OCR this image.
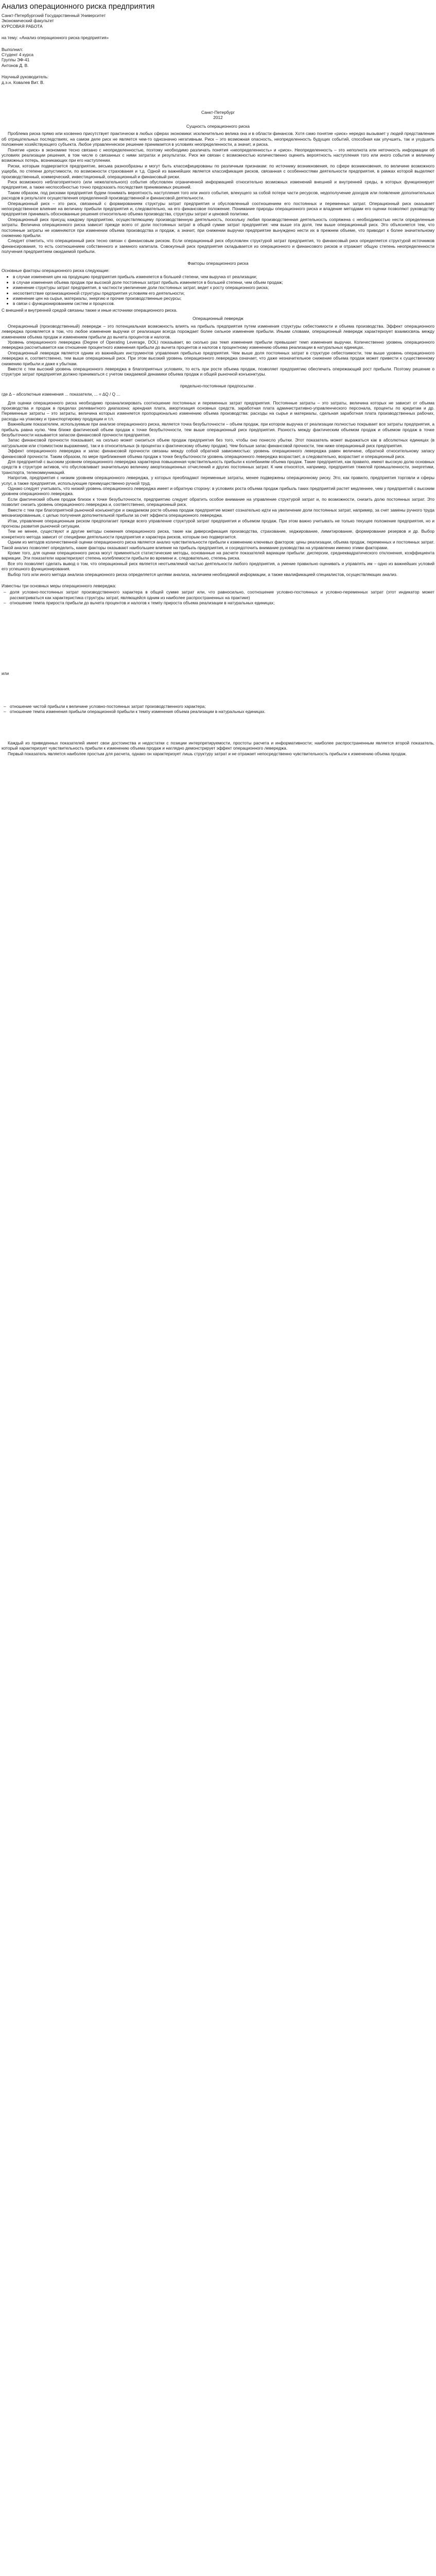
Анализ операционного риска предприятия

Санкт-Петербургский Государственный Университет

Экономический факультет

КУРСОВАЯ РАБОТА

на тему: «Анализ операционного риска предприятия»

Выполнил:

Студент 4 курса

Группы ЭФ-41

Антонов Д. В.

Научный руководитель:

д.э.н. Ковалев Вит. В.

Санкт-Петербург

2012

Сущность операционного риска

Проблема риска прямо или косвенно присутствует практически в любых сферах экономики: исключительно велика она и в области финансов. Хотя само понятие «риск» нередко вызывает у людей представление об отрицательных последствиях, на самом деле риск не является чем-то однозначно негативным. Риск – это возможная опасность, неопределенность будущих событий, способная как улучшить, так и ухудшить положение хозяйствующего субъекта. Любое управленческое решение принимается в условиях неопределенности, а значит, и риска.

Понятие «риск» в экономике тесно связано с неопределенностью, поэтому необходимо различать понятия «неопределенность» и «риск». Неопределенность – это неполнота или неточность информации об условиях реализации решения, в том числе о связанных с ними затратах и результатах. Риск же связан с возможностью количественно оценить вероятность наступления того или иного события и величину возможных потерь, возникающих при его наступлении.

Риски, которым подвергается предприятие, весьма разнообразны и могут быть классифицированы по различным признакам: по источнику возникновения, по сфере возникновения, по величине возможного ущерба, по степени допустимости, по возможности страхования и т.д. Одной из важнейших является классификация рисков, связанная с особенностями деятельности предприятия, в рамках которой выделяют производственный, коммерческий, инвестиционный, операционный и финансовый риски.

Риск возможного неблагоприятного (или нежелательного) события обусловлен ограниченной информацией относительно возможных изменений внешней и внутренней среды, в которых функционирует предприятие, а также неспособностью точно предсказать последствия принимаемых решений.

Таким образом, под рисками предприятия будем понимать вероятность наступления того или иного события, влекущего за собой потери части ресурсов, недополучение доходов или появление дополнительных расходов в результате осуществления определенной производственной и финансовой деятельности.

Операционный риск – это риск, связанный с формированием структуры затрат предприятия и обусловленный соотношением его постоянных и переменных затрат. Операционный риск оказывает непосредственное влияние на величину прибыли предприятия и, следовательно, на его финансовое положение. Понимание природы операционного риска и владение методами его оценки позволяют руководству предприятия принимать обоснованные решения относительно объема производства, структуры затрат и ценовой политики.

Операционный риск присущ каждому предприятию, осуществляющему производственную деятельность, поскольку любая производственная деятельность сопряжена с необходимостью нести определенные затраты. Величина операционного риска зависит прежде всего от доли постоянных затрат в общей сумме затрат предприятия: чем выше эта доля, тем выше операционный риск. Это объясняется тем, что постоянные затраты не изменяются при изменении объема производства и продаж, а значит, при снижении выручки предприятие вынуждено нести их в прежнем объеме, что приводит к более значительному снижению прибыли.

Следует отметить, что операционный риск тесно связан с финансовым риском. Если операционный риск обусловлен структурой затрат предприятия, то финансовый риск определяется структурой источников финансирования, то есть соотношением собственного и заемного капитала. Совокупный риск предприятия складывается из операционного и финансового рисков и отражает общую степень неопределенности получения предприятием ожидаемой прибыли.

Факторы операционного риска

Основные факторы операционного риска следующие:

• в случае изменения цен на продукцию предприятия прибыль изменяется в большей степени, чем выручка от реализации;
• в случае изменения объема продаж при высокой доле постоянных затрат прибыль изменяется в большей степени, чем объем продаж;
• изменение структуры затрат предприятия, в частности увеличение доли постоянных затрат, ведет к росту операционного риска;
• несоответствие организационной структуры предприятия условиям его деятельности;
• изменение цен на сырье, материалы, энергию и прочие производственные ресурсы;
• в связи с функционированием систем и процессов.

С внешней и внутренней средой связаны также и иные источники операционного риска.

Операционный левередж

Операционный (производственный) левередж – это потенциальная возможность влиять на прибыль предприятия путем изменения структуры себестоимости и объема производства. Эффект операционного левереджа проявляется в том, что любое изменение выручки от реализации всегда порождает более сильное изменение прибыли. Иными словами, операционный левередж характеризует взаимосвязь между изменением объема продаж и изменением прибыли до вычета процентов и налогов.

Уровень операционного левереджа (Degree of Operating Leverage, DOL) показывает, во сколько раз темп изменения прибыли превышает темп изменения выручки. Количественно уровень операционного левереджа рассчитывается как отношение процентного изменения прибыли до вычета процентов и налогов к процентному изменению объема реализации в натуральных единицах.

Операционный левередж является одним из важнейших инструментов управления прибылью предприятия. Чем выше доля постоянных затрат в структуре себестоимости, тем выше уровень операционного левереджа и, соответственно, тем выше операционный риск. При этом высокий уровень операционного левереджа означает, что даже незначительное снижение объема продаж может привести к существенному снижению прибыли и даже к убыткам.

Вместе с тем высокий уровень операционного левереджа в благоприятных условиях, то есть при росте объема продаж, позволяет предприятию обеспечить опережающий рост прибыли. Поэтому решение о структуре затрат предприятия должно приниматься с учетом ожидаемой динамики объема продаж и общей рыночной конъюнктуры.

предельно-постоянные предпосылки .

где ∆ – абсолютные изменения ... показатели, ... = ∆Q / Q ...

Для оценки операционного риска необходимо проанализировать соотношение постоянных и переменных затрат предприятия. Постоянные затраты – это затраты, величина которых не зависит от объема производства и продаж в пределах релевантного диапазона: арендная плата, амортизация основных средств, заработная плата административно-управленческого персонала, проценты по кредитам и др. Переменные затраты – это затраты, величина которых изменяется пропорционально изменению объема производства: расходы на сырье и материалы, сдельная заработная плата производственных рабочих, расходы на упаковку и транспортировку продукции и т.п.

Важнейшим показателем, используемым при анализе операционного риска, является точка безубыточности – объем продаж, при котором выручка от реализации полностью покрывает все затраты предприятия, а прибыль равна нулю. Чем ближе фактический объем продаж к точке безубыточности, тем выше операционный риск предприятия. Разность между фактическим объемом продаж и объемом продаж в точке безубыточности называется запасом финансовой прочности предприятия.

Запас финансовой прочности показывает, на сколько может снизиться объем продаж предприятия без того, чтобы оно понесло убытки. Этот показатель может выражаться как в абсолютных единицах (в натуральном или стоимостном выражении), так и в относительных (в процентах к фактическому объему продаж). Чем больше запас финансовой прочности, тем ниже операционный риск предприятия.

Эффект операционного левереджа и запас финансовой прочности связаны между собой обратной зависимостью: уровень операционного левереджа равен величине, обратной относительному запасу финансовой прочности. Таким образом, по мере приближения объема продаж к точке безубыточности уровень операционного левереджа возрастает, а следовательно, возрастает и операционный риск.

Для предприятий с высоким уровнем операционного левереджа характерна повышенная чувствительность прибыли к колебаниям объема продаж. Такие предприятия, как правило, имеют высокую долю основных средств в структуре активов, что обусловливает значительную величину амортизационных отчислений и других постоянных затрат. К ним относятся, например, предприятия тяжелой промышленности, энергетики, транспорта, телекоммуникаций.

Напротив, предприятия с низким уровнем операционного левереджа, у которых преобладают переменные затраты, менее подвержены операционному риску. Это, как правило, предприятия торговли и сферы услуг, а также предприятия, использующие преимущественно ручной труд.

Однако следует учитывать, что низкий уровень операционного левереджа имеет и обратную сторону: в условиях роста объема продаж прибыль таких предприятий растет медленнее, чем у предприятий с высоким уровнем операционного левереджа.

Если фактический объем продаж близок к точке безубыточности, предприятию следует обратить особое внимание на управление структурой затрат и, по возможности, снизить долю постоянных затрат. Это позволит снизить уровень операционного левереджа и, соответственно, операционный риск.

Вместе с тем при благоприятной рыночной конъюнктуре и ожидаемом росте объема продаж предприятие может сознательно идти на увеличение доли постоянных затрат, например, за счет замены ручного труда механизированным, с целью получения дополнительной прибыли за счет эффекта операционного левереджа.

Итак, управление операционным риском предполагает прежде всего управление структурой затрат предприятия и объемом продаж. При этом важно учитывать не только текущее положение предприятия, но и прогнозы развития рыночной ситуации.

Тем не менее, существуют и другие методы снижения операционного риска, такие как диверсификация производства, страхование, хеджирование, лимитирование, формирование резервов и др. Выбор конкретного метода зависит от специфики деятельности предприятия и характера рисков, которым оно подвергается.

Одним из методов количественной оценки операционного риска является анализ чувствительности прибыли к изменению ключевых факторов: цены реализации, объема продаж, переменных и постоянных затрат. Такой анализ позволяет определить, какие факторы оказывают наибольшее влияние на прибыль предприятия, и сосредоточить внимание руководства на управлении именно этими факторами.

Кроме того, для оценки операционного риска могут применяться статистические методы, основанные на расчете показателей вариации прибыли: дисперсии, среднеквадратического отклонения, коэффициента вариации. Эти показатели характеризуют степень колеблемости прибыли во времени и, следовательно, степень риска.

Все это позволяет сделать вывод о том, что операционный риск является неотъемлемой частью деятельности любого предприятия, а умение правильно оценивать и управлять им – одно из важнейших условий его успешного функционирования.

Выбор того или иного метода анализа операционного риска определяется целями анализа, наличием необходимой информации, а также квалификацией специалистов, осуществляющих анализ.

Известны три основных меры операционного левереджа:

– доля условно-постоянных затрат производственного характера в общей сумме затрат или, что равносильно, соотношение условно-постоянных и условно-переменных затрат (этот индикатор может рассматриваться как характеристика структуры затрат, являющейся одним из наиболее распространенных на практике)
– отношение темпа прироста прибыли до вычета процентов и налогов к темпу прироста объема реализации в натуральных единицах;

или

– отношение чистой прибыли к величине условно-постоянных затрат производственного характера;
– отношение темпа изменения прибыли операционной прибыли к темпу изменения объема реализации в натуральных единицах.

Каждый из приведенных показателей имеет свои достоинства и недостатки с позиции интерпретируемости, простоты расчета и информативности; наиболее распространенным является второй показатель, который характеризует чувствительность прибыли к изменению объема продаж и наглядно демонстрирует эффект операционного левереджа.

Первый показатель является наиболее простым для расчета, однако он характеризует лишь структуру затрат и не отражает непосредственно чувствительность прибыли к изменению объема продаж.
